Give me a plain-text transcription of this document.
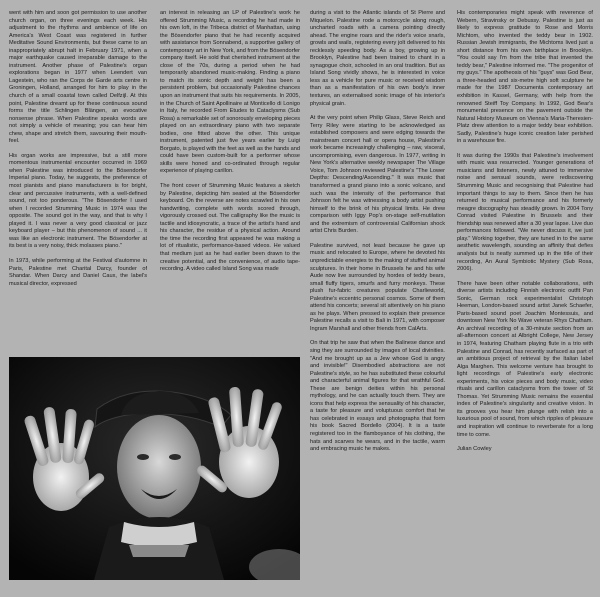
went with him and soon got permission to use another church organ, on three evenings each week. His adjustment to the rhythms and ambience of life on America's West Coast was registered in further Meditative Sound Environments, but these came to an inappropriately abrupt halt in February 1971, when a major earthquake caused irreparable damage to the instrument. Another phase of Palestine's organ explorations began in 1977 when Leendert van Lagestein, who ran the Corps de Garde arts centre in Groningen, Holland, arranged for him to play in the church of a small coastal town called Delfzijl. At this point, Palestine dreamt up for these continuous sound forms the title Schlingen Blängen, an evocative nonsense phrase. When Palestine speaks words are not simply a vehicle of meaning; you can hear him chew, shape and stretch them, savouring their mouth-feel.

His organ works are impressive, but a still more momentous instrumental encounter occurred in 1969 when Palestine was introduced to the Bösendorfer Imperial piano. Today, he suggests, the preference of most pianists and piano manufacturers is for bright, clear and percussive instruments, with a well-defined sound, not too ponderous. "The Bösendorfer I used when I recorded Strumming Music in 1974 was the opposite. The sound got in the way, and that is why I played it. I was never a very good classical or jazz keyboard player – but this phenomenon of sound ... it was like an electronic instrument. The Bösendorfer at its best is a very noisy, thick molasses piano."

In 1973, while performing at the Festival d'automne in Paris, Palestine met Charital Darcy, founder of Shandar. When Darcy and Daniel Caux, the label's musical director, expressed

an interest in releasing an LP of Palestine's work he offered Strumming Music, a recording he had made in his own loft, in the Tribeca district of Manhattan, using the Bösendorfer piano that he had recently acquired with assistance from Sonnabend, a supportive gallery of contemporary art in New York, and from the Bösendorfer company itself. He sold that cherished instrument at the close of the 70s, during a period when he had temporarily abandoned music-making. Finding a piano to match its sonic depth and weight has been a persistent problem, but occasionally Palestine chances upon an instrument that suits his requirements. In 2005, in the Church of Saint Apollinaire at Monticello di Lonigo in Italy, he recorded From Etudes to Cataclysms (Sub Rosa) a remarkable set of sonorously enveloping pieces played on an extraordinary piano with two separate bodies, one fitted above the other. This unique instrument, patented just five years earlier by Luigi Borgato, is played with the feet as well as the hands and could have been custom-built for a performer whose skills were honed and co-ordinated through regular experience of playing carillon.

The front cover of Strumming Music features a sketch by Palestine, depicting him seated at the Bösendorfer keyboard. On the reverse are notes scrawled in his own handwriting, complete with words scored through, vigorously crossed out. The calligraphy like the music is tactile and idiosyncratic, a trace of the artist's hand and his character, the residue of a physical action. Around the time the recording first appeared he was making a lot of ritualistic, performance-based videos. He valued that medium just as he had earlier been drawn to the creative potential, and the convenience, of audio tape-recording. A video called Island Song was made

during a visit to the Atlantic islands of St Pierre and Miquelon. Palestine rode a motorcycle along rough, uncharted roads with a camera pointing directly ahead. The engine roars and the rider's voice snarls, growls and wails, registering every jolt delivered to his recklessly speeding body. As a boy, growing up in Brooklyn, Palestine had been trained to chant in a synagogue choir, schooled in an oral tradition. But as Island Song vividly shows, he is interested in voice less as a vehicle for pure music or received wisdom than as a manifestation of his own body's inner textures, an externalised sonic image of his interior's physical grain.

At the very point when Philip Glass, Steve Reich and Terry Riley were starting to be acknowledged as established composers and were edging towards the mainstream concert hall or opera house, Palestine's work became increasingly challenging – raw, visceral, uncompromising, even dangerous. In 1977, writing in New York's alternative weekly newspaper The Village Voice, Tom Johnson reviewed Palestine's "The Lower Depths: Descending/Ascending." It was music that transformed a grand piano into a sonic volcano, and such was the intensity of the performance that Johnson felt he was witnessing a body artist pushing himself to the brink of his physical limits. He drew comparison with Iggy Pop's on-stage self-mutilation and the extremism of controversial Californian shock artist Chris Burden.

Palestine survived, not least because he gave up music and relocated to Europe, where he devoted his unpredictable energies to the making of stuffed animal sculptures. In their home in Brussels he and his wife Aude now live surrounded by hordes of teddy bears, small fluffy tigers, smurfs and furry monkeys. These plush fur-fabric creatures populate Charlieworld, Palestine's eccentric personal cosmos. Some of them attend his concerts; several sit attentively on his piano as he plays. When pressed to explain their presence Palestine recalls a visit to Bali in 1971, with composer Ingram Marshall and other friends from CalArts.

On that trip he saw that when the Balinese dance and sing they are surrounded by images of local divinities. "And me brought up as a Jew whose God is angry and invisible!" Disembodied abstractions are not Palestine's style, so he has substituted these colourful and characterful animal figures for that wrathful God. These are benign deities within his personal mythology, and he can actually touch them. They are icons that help express the sensuality of his character, a taste for pleasure and voluptuous comfort that he has celebrated in essays and photographs that form his book Sacred Bordello (2004). It is a taste registered too in the flamboyance of his clothing, the hats and scarves he wears, and in the tactile, warm and embracing music he makes.

His contemporaries might speak with reverence of Webern, Stravinsky or Debussy. Palestine is just as likely to express gratitude to Rose and Morris Michtom, who invented the teddy bear in 1902. Russian Jewish immigrants, the Michtoms lived just a short distance from his own birthplace in Brooklyn. "You could say I'm from the tribe that invented the teddy bear," Palestine informed me. "The progenitor of my guys." The apotheosis of his "guys" was God Bear, a three-headed and six-metre high soft sculpture he made for the 1987 Documenta contemporary art exhibition in Kassel, Germany, with help from the renowned Steiff Toy Company. In 1992, God Bear's monumental presence on the pavement outside the Natural History Museum on Vienna's Maria-Theresien-Platz drew attention to a major teddy bear exhibition. Sadly, Palestine's huge iconic creation later perished in a warehouse fire.

It was during the 1990s that Palestine's involvement with music was resurrected. Younger generations of musicians and listeners, newly attuned to immersive noise and sensual sounds, were rediscovering Strumming Music and recognising that Palestine had important things to say to them. Since then he has returned to musical performance and his formerly meagre discography has steadily grown. In 2004 Tony Conrad visited Palestine in Brussels and their friendship was renewed after a 30 year lapse. Live duo performances followed. "We never discuss it, we just play." Working together, they are tuned in to the same aesthetic wavelength, sounding an affinity that defies analysis but is neatly summed up in the title of their recording, An Aural Symbiotic Mystery (Sub Rosa, 2006).

There have been other notable collaborations, with diverse artists including Finnish electronic outfit Pan Sonic, German rock experimentalist Christoph Heeman, London-based sound artist Janek Schaefer, Paris-based sound poet Joachim Montessuis, and downtown New York No Wave veteran Rhys Chatham. An archival recording of a 30-minute section from an all-afternoon concert at Albright College, New Jersey in 1974, featuring Chatham playing flute in a trio with Palestine and Conrad, has recently surfaced as part of an ambitious project of retrieval by the Italian label Alga Marghen. This welcome venture has brought to light recordings of Palestine's early electronic experiments, his voice pieces and body music, video rituals and carillon cataclysms from the tower of St Thomas. Yet Strumming Music remains the essential index of Palestine's singularity and creative vision. In its grooves you hear him plunge with relish into a luxurious pool of sound, from which ripples of pleasure and inspiration will continue to reverberate for a long time to come.

Julian Cowley
